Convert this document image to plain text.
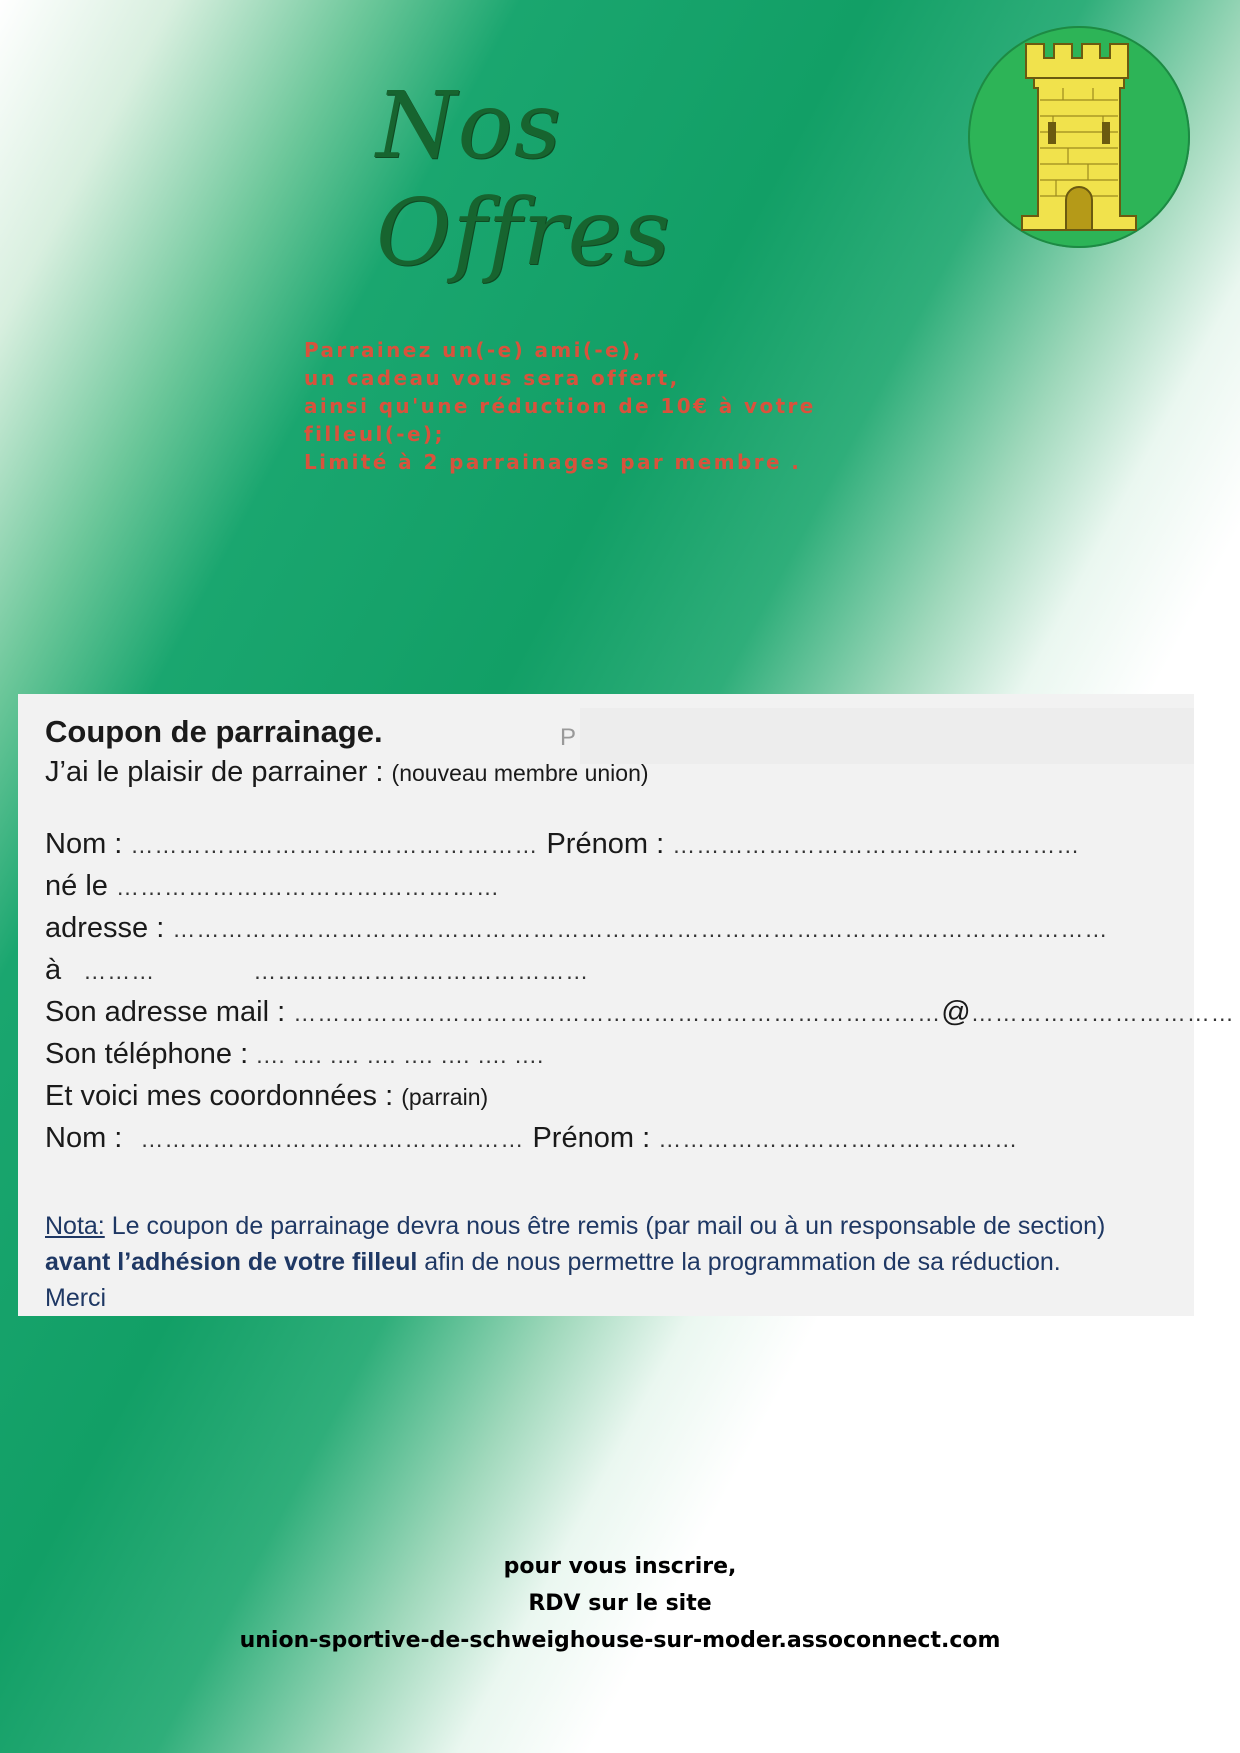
Nos Offres
Parrainez un(-e) ami(-e),
un cadeau vous sera offert,
ainsi qu'une réduction de 10€ à votre
filleul(-e);
Limité à 2 parrainages par membre .
P
Coupon de parrainage.
J’ai le plaisir de parrainer : (nouveau membre union)
Nom : …………………………………………… Prénom : ……………………………………………
né le …………………………………………
adresse : ………………………………………………………………………………………………………
à ………	……………………………………
Son adresse mail : ………………………………………………………………………@……………………………
Son téléphone : .... .... .... .... .... .... .... ....
Et voici mes coordonnées : (parrain)
Nom : ………………………………………… Prénom : ………………………………………
Nota: Le coupon de parrainage devra nous être remis (par mail ou à un responsable de section)
avant l’adhésion de votre filleul afin de nous permettre la programmation de sa réduction.
Merci
pour vous inscrire,
RDV sur le site
union-sportive-de-schweighouse-sur-moder.assoconnect.com
